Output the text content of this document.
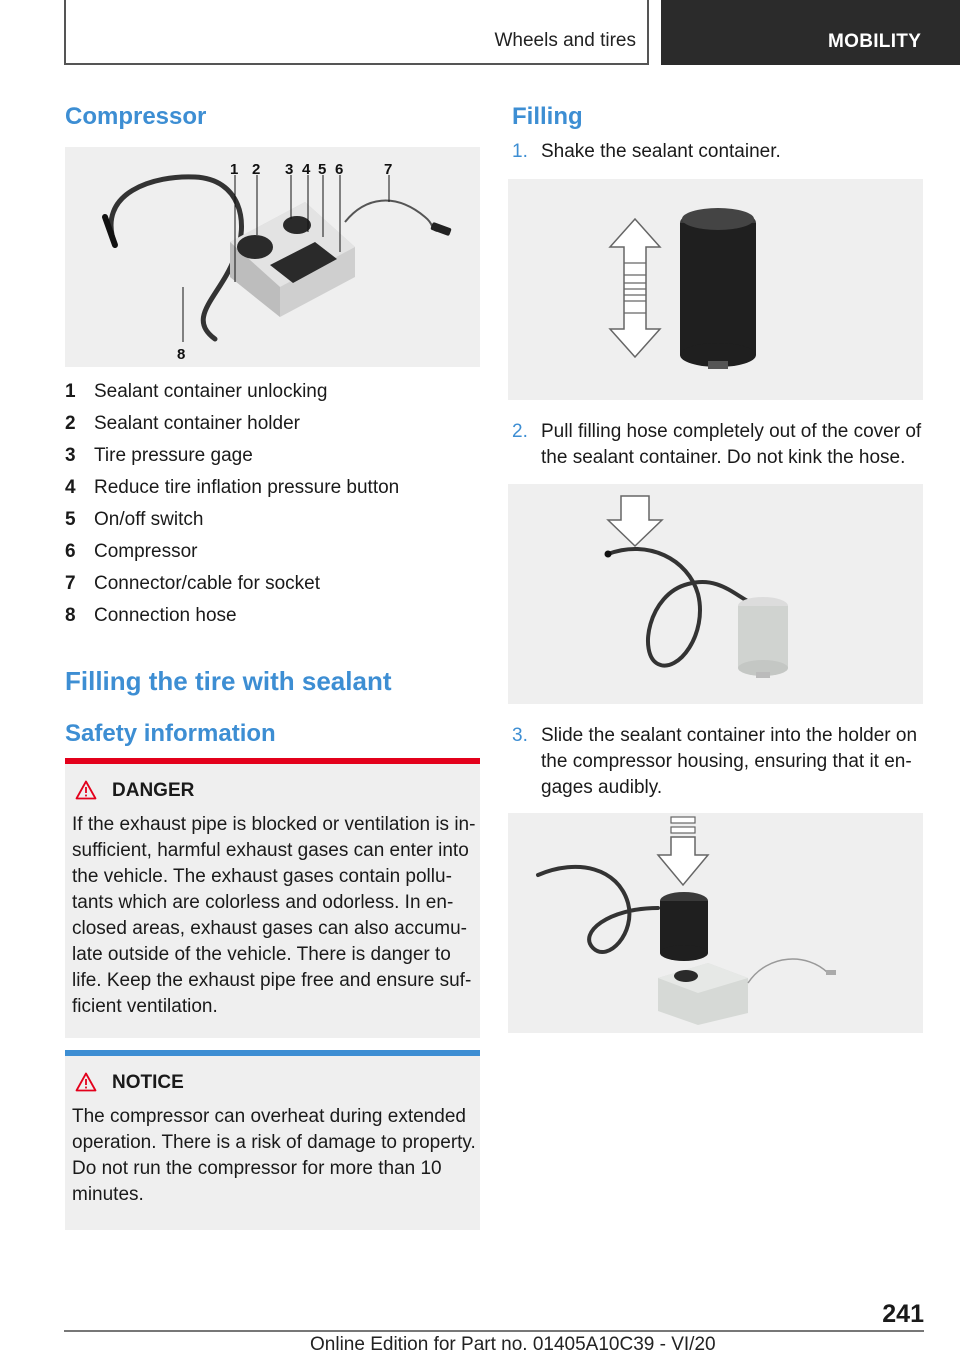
Wheels and tires	MOBILITY
Compressor
1 2 3 4 5 6	7
8
1 Sealant container unlocking
2 Sealant container holder
3 Tire pressure gage
4 Reduce tire inflation pressure button
5 On/off switch
6 Compressor
7 Connector/cable for socket
8 Connection hose
Filling the tire with sealant
Safety information
DANGER

If the exhaust pipe is blocked or ventilation is insufficient, harmful exhaust gases can enter into the vehicle. The exhaust gases contain pollutants which are colorless and odorless. In enclosed areas, exhaust gases can also accumulate outside of the vehicle. There is danger to life. Keep the exhaust pipe free and ensure sufficient ventilation.

NOTICE

The compressor can overheat during extended operation. There is a risk of damage to property. Do not run the compressor for more than 10 minutes.

Filling
1. Shake the sealant container.
2. Pull filling hose completely out of the cover of the sealant container. Do not kink the hose.
3. Slide the sealant container into the holder on the compressor housing, ensuring that it engages audibly.
241
Online Edition for Part no. 01405A10C39 - VI/20
